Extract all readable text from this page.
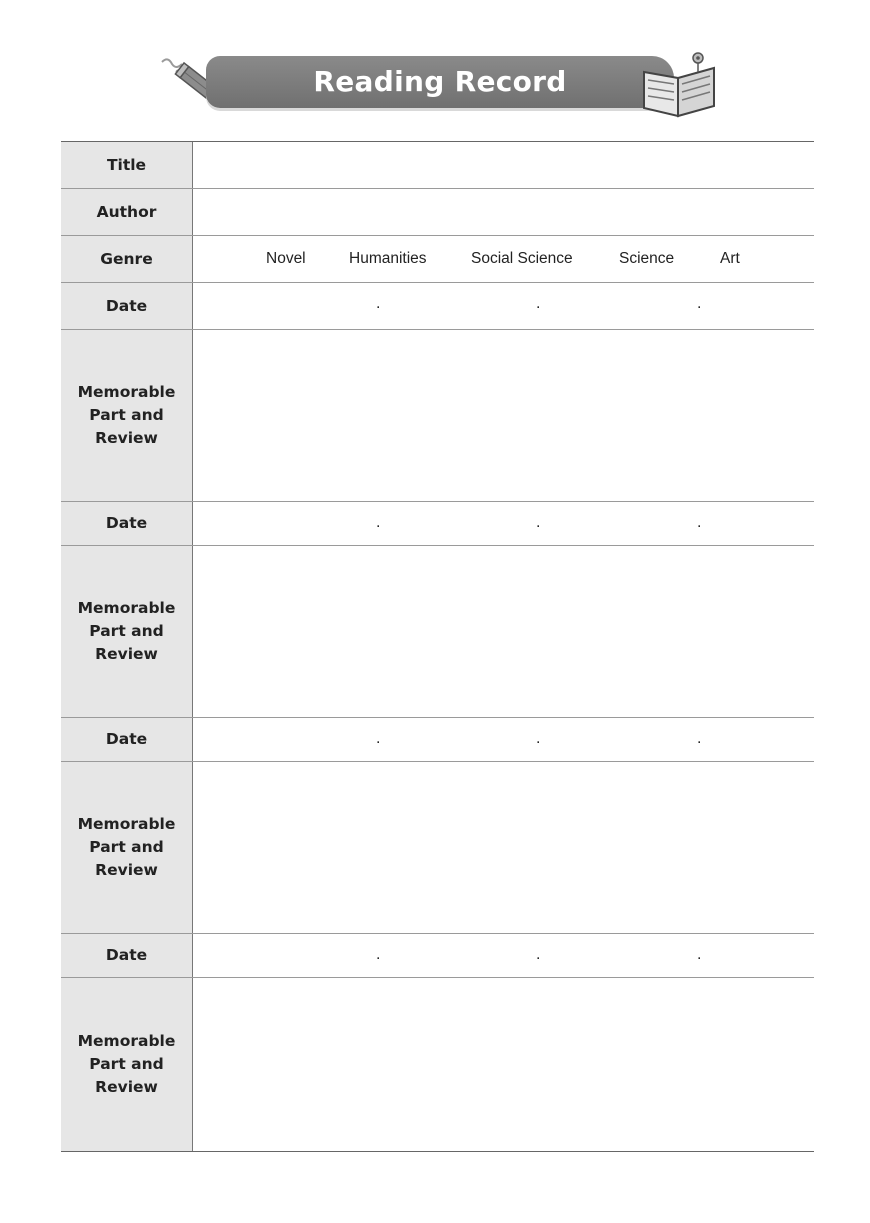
Reading Record
Title
Author
Genre	Novel	Humanities	Social Science	Science	Art
Date	.	.	.
Memorable
Part and Review
Date	.	.	.
Memorable
Part and Review
Date	.	.	.
Memorable
Part and Review
Date	.	.	.
Memorable
Part and Review
